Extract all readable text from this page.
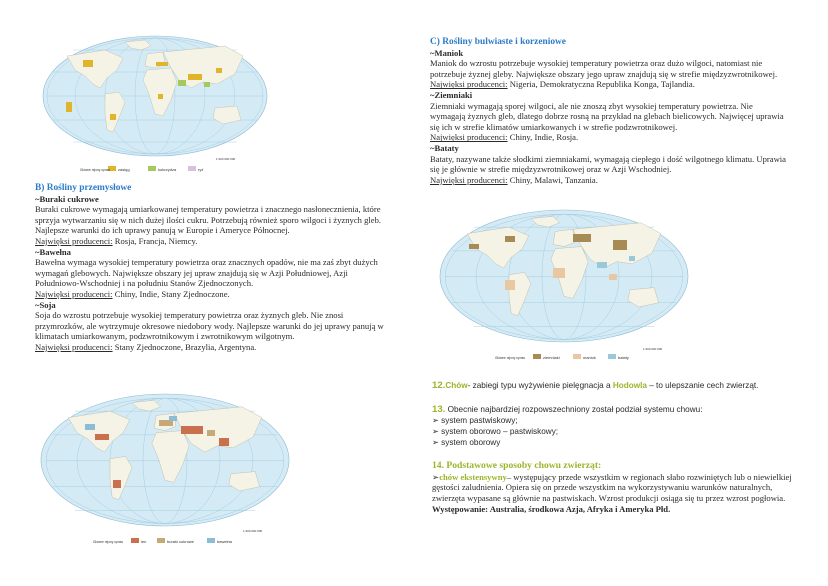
zasięg	kukurydza	ryż
Główne rejony upraw
1:300 000 000
ziemniaki	maniok	bataty
Główne rejony upraw
1:300 000 000
len	buraki cukrowe	bawełna
Główne rejony upraw
1:300 000 000

B) Rośliny przemysłowe

~Buraki cukrowe

Buraki cukrowe wymagają umiarkowanej temperatury powietrza i znacznego nasłonecznienia, które sprzyja wytwarzaniu się w nich dużej ilości cukru. Potrzebują również sporo wilgoci i żyznych gleb. Najlepsze warunki do ich uprawy panują w Europie i Ameryce Północnej.

Najwięksi producenci: Rosja, Francja, Niemcy.

~Bawełna

Bawełna wymaga wysokiej temperatury powietrza oraz znacznych opadów, nie ma zaś zbyt dużych wymagań glebowych. Największe obszary jej upraw znajdują się w Azji Południowej, Azji Południowo-Wschodniej i na południu Stanów Zjednoczonych.

Najwięksi producenci: Chiny, Indie, Stany Zjednoczone.

~Soja

Soja do wzrostu potrzebuje wysokiej temperatury powietrza oraz żyznych gleb. Nie znosi przymrozków, ale wytrzymuje okresowe niedobory wody. Najlepsze warunki do jej uprawy panują w klimatach umiarkowanym, podzwrotnikowym i zwrotnikowym wilgotnym.

Najwięksi producenci: Stany Zjednoczone, Brazylia, Argentyna.

C) Rośliny bulwiaste i korzeniowe

~Maniok

Maniok do wzrostu potrzebuje wysokiej temperatury powietrza oraz dużo wilgoci, natomiast nie potrzebuje żyznej gleby. Największe obszary jego upraw znajdują się w strefie międzyzwrotnikowej.

Najwięksi producenci: Nigeria, Demokratyczna Republika Konga, Tajlandia.

~Ziemniaki

Ziemniaki wymagają sporej wilgoci, ale nie znoszą zbyt wysokiej temperatury powietrza. Nie wymagają żyznych gleb, dlatego dobrze rosną na przykład na glebach bielicowych. Najwięcej uprawia się ich w strefie klimatów umiarkowanych i w strefie podzwrotnikowej.

Najwięksi producenci: Chiny, Indie, Rosja.

~Bataty

Bataty, nazywane także słodkimi ziemniakami, wymagają ciepłego i dość wilgotnego klimatu. Uprawia się je głównie w strefie międzyzwrotnikowej oraz w Azji Wschodniej.

Najwięksi producenci: Chiny, Malawi, Tanzania.

12.Chów- zabiegi typu wyżywienie pielęgnacja a Hodowla – to ulepszanie cech zwierząt.

13. Obecnie najbardziej rozpowszechniony został podział systemu chowu:

➢ system pastwiskowy;

➢ system oborowo – pastwiskowy;

➢ system oborowy

14. Podstawowe sposoby chowu zwierząt:

➢chów ekstensywny– występujący przede wszystkim w regionach słabo rozwiniętych lub o niewielkiej gęstości zaludnienia. Opiera się on przede wszystkim na wykorzystywaniu warunków naturalnych, zwierzęta wypasane są głównie na pastwiskach. Wzrost produkcji osiąga się tu przez wzrost pogłowia.

Występowanie: Australia, środkowa Azja, Afryka i Ameryka Płd.
